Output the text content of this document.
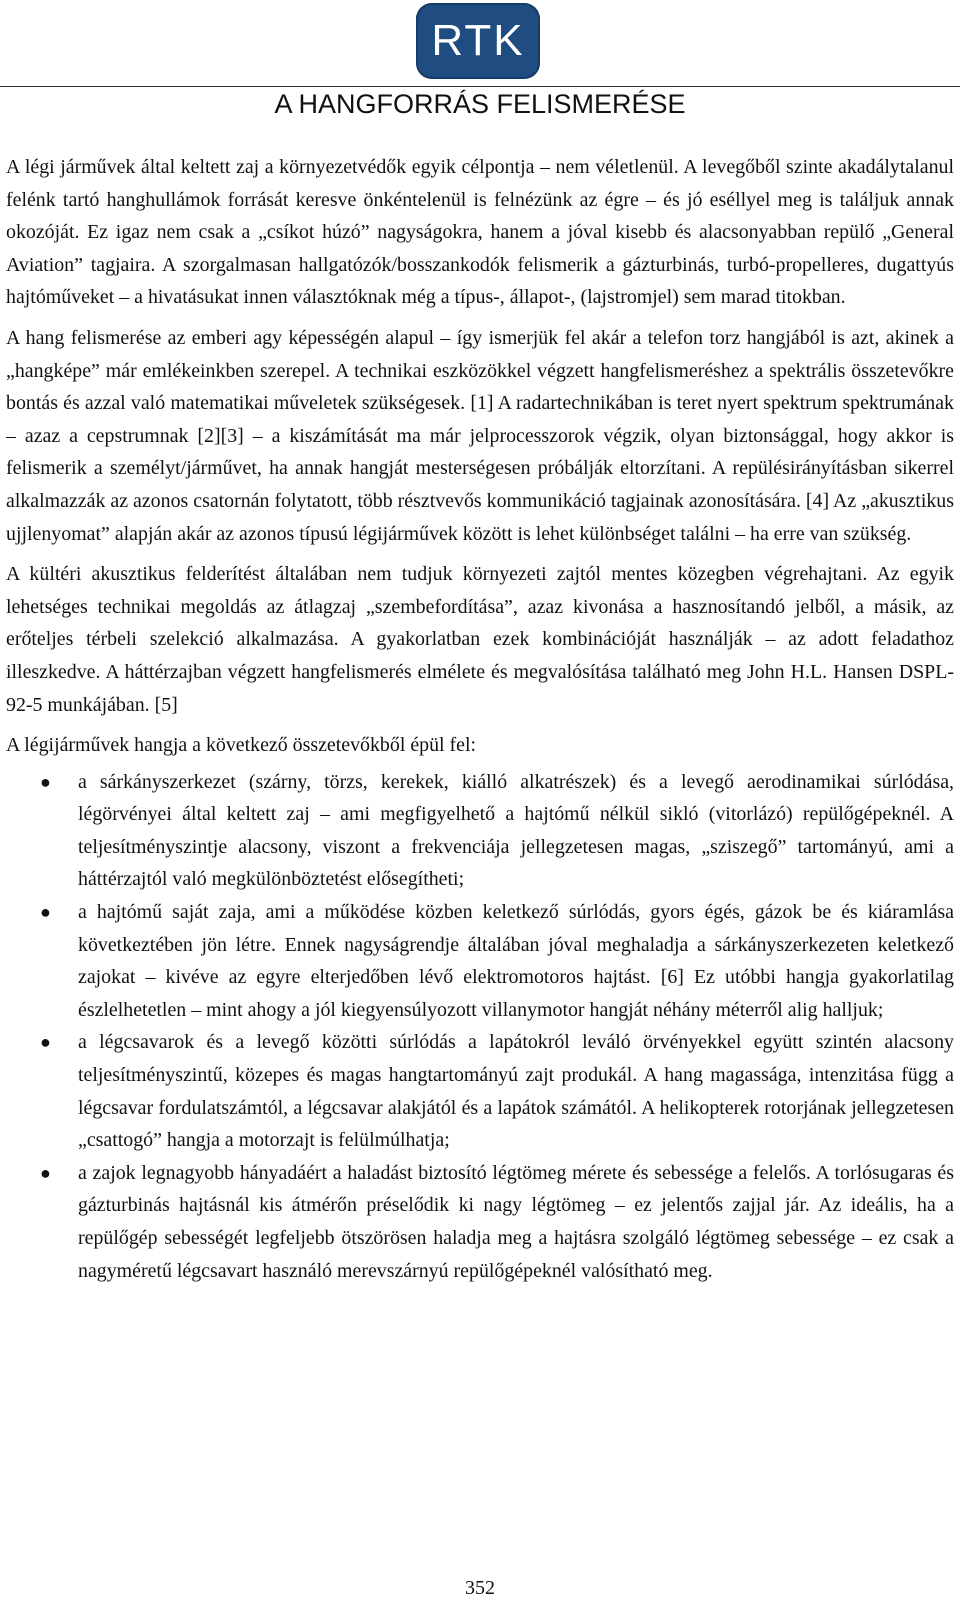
RTK
A HANGFORRÁS FELISMERÉSE

A légi járművek által keltett zaj a környezetvédők egyik célpontja – nem véletlenül. A levegőből szinte akadálytalanul felénk tartó hanghullámok forrását keresve önkéntelenül is felnézünk az égre – és jó eséllyel meg is találjuk annak okozóját. Ez igaz nem csak a „csíkot húzó” nagyságokra, hanem a jóval kisebb és alacsonyabban repülő „General Aviation” tagjaira. A szorgalmasan hallgatózók/bosszankodók felismerik a gázturbinás, turbó-propelleres, dugattyús hajtóműveket – a hivatásukat innen választóknak még a típus-, állapot-, (lajstromjel) sem marad titokban.

A hang felismerése az emberi agy képességén alapul – így ismerjük fel akár a telefon torz hangjából is azt, akinek a „hangképe” már emlékeinkben szerepel. A technikai eszközökkel végzett hangfelismeréshez a spektrális összetevőkre bontás és azzal való matematikai műveletek szükségesek. [1] A radartechnikában is teret nyert spektrum spektrumának – azaz a cepstrumnak [2][3] – a kiszámítását ma már jelprocesszorok végzik, olyan biztonsággal, hogy akkor is felismerik a személyt/járművet, ha annak hangját mesterségesen próbálják eltorzítani. A repülésirányításban sikerrel alkalmazzák az azonos csatornán folytatott, több résztvevős kommunikáció tagjainak azonosítására. [4] Az „akusztikus ujjlenyomat” alapján akár az azonos típusú légijárművek között is lehet különbséget találni – ha erre van szükség.

A kültéri akusztikus felderítést általában nem tudjuk környezeti zajtól mentes közegben végrehajtani. Az egyik lehetséges technikai megoldás az átlagzaj „szembefordítása”, azaz kivonása a hasznosítandó jelből, a másik, az erőteljes térbeli szelekció alkalmazása. A gyakorlatban ezek kombinációját használják – az adott feladathoz illeszkedve. A háttérzajban végzett hangfelismerés elmélete és megvalósítása található meg John H.L. Hansen DSPL-92-5 munkájában. [5]

A légijárművek hangja a következő összetevőkből épül fel:

● a sárkányszerkezet (szárny, törzs, kerekek, kiálló alkatrészek) és a levegő aerodinamikai súrlódása, légörvényei által keltett zaj – ami megfigyelhető a hajtómű nélkül sikló (vitorlázó) repülőgépeknél. A teljesítményszintje alacsony, viszont a frekvenciája jellegzetesen magas, „sziszegő” tartományú, ami a háttérzajtól való megkülönböztetést elősegítheti;
● a hajtómű saját zaja, ami a működése közben keletkező súrlódás, gyors égés, gázok be és kiáramlása következtében jön létre. Ennek nagyságrendje általában jóval meghaladja a sárkányszerkezeten keletkező zajokat – kivéve az egyre elterjedőben lévő elektromotoros hajtást. [6] Ez utóbbi hangja gyakorlatilag észlelhetetlen – mint ahogy a jól kiegyensúlyozott villanymotor hangját néhány méterről alig halljuk;
● a légcsavarok és a levegő közötti súrlódás a lapátokról leváló örvényekkel együtt szintén alacsony teljesítményszintű, közepes és magas hangtartományú zajt produkál. A hang magassága, intenzitása függ a légcsavar fordulatszámtól, a légcsavar alakjától és a lapátok számától. A helikopterek rotorjának jellegzetesen „csattogó” hangja a motorzajt is felülmúlhatja;
● a zajok legnagyobb hányadáért a haladást biztosító légtömeg mérete és sebessége a felelős. A torlósugaras és gázturbinás hajtásnál kis átmérőn préselődik ki nagy légtömeg – ez jelentős zajjal jár. Az ideális, ha a repülőgép sebességét legfeljebb ötszörösen haladja meg a hajtásra szolgáló légtömeg sebessége – ez csak a nagyméretű légcsavart használó merevszárnyú repülőgépeknél valósítható meg.
352
